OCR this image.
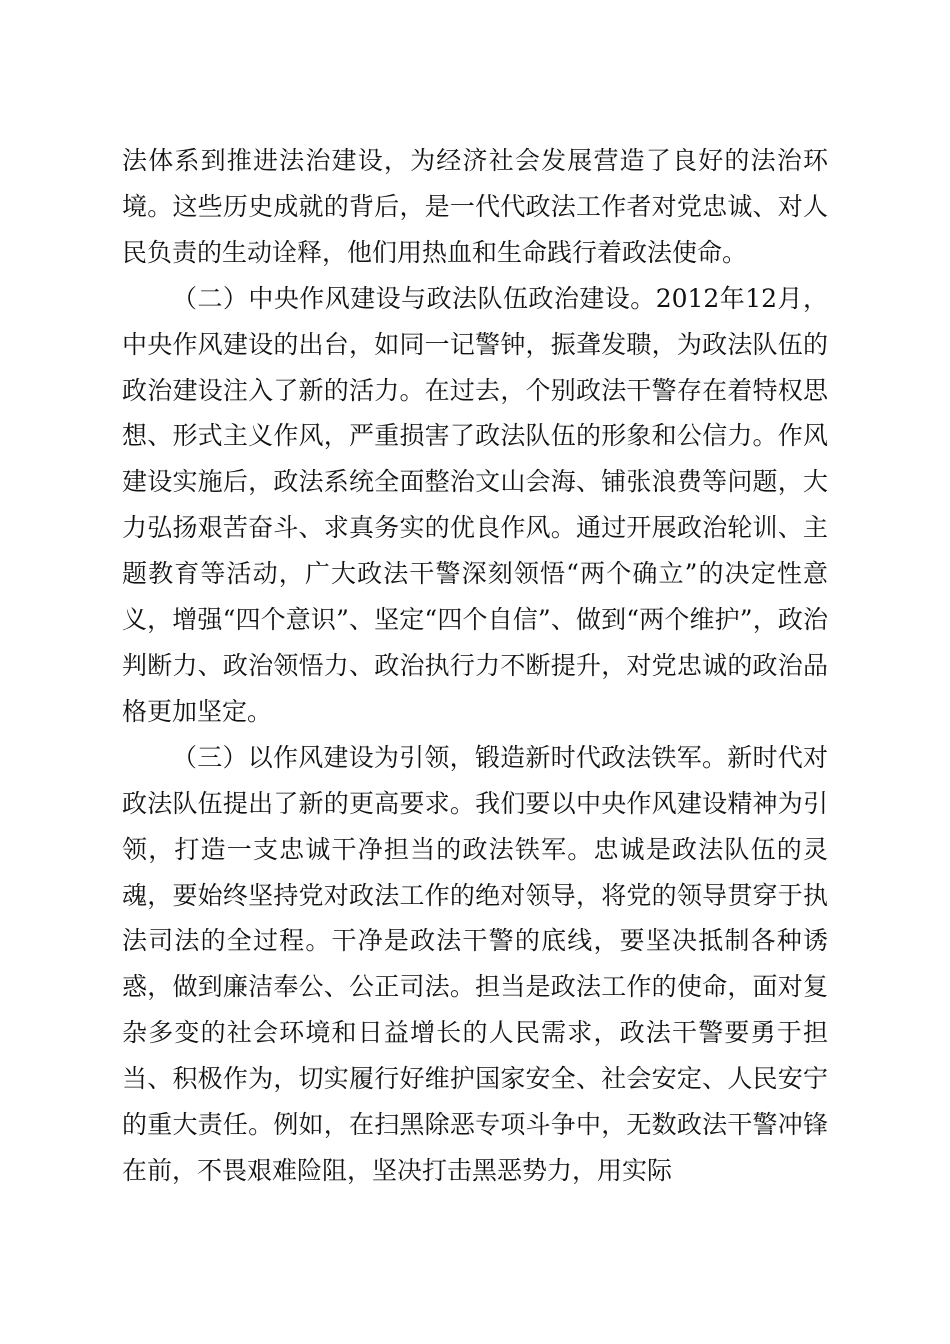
法体系到推进法治建设，为经济社会发展营造了良好的法治环境。这些历史成就的背后，是一代代政法工作者对党忠诚、对人民负责的生动诠释，他们用热血和生命践行着政法使命。

（二）中央作风建设与政法队伍政治建设。2012年12月，中央作风建设的出台，如同一记警钟，振聋发聩，为政法队伍的政治建设注入了新的活力。在过去，个别政法干警存在着特权思想、形式主义作风，严重损害了政法队伍的形象和公信力。作风建设实施后，政法系统全面整治文山会海、铺张浪费等问题，大力弘扬艰苦奋斗、求真务实的优良作风。通过开展政治轮训、主题教育等活动，广大政法干警深刻领悟“两个确立”的决定性意义，增强“四个意识”、坚定“四个自信”、做到“两个维护”，政治判断力、政治领悟力、政治执行力不断提升，对党忠诚的政治品格更加坚定。

（三）以作风建设为引领，锻造新时代政法铁军。新时代对政法队伍提出了新的更高要求。我们要以中央作风建设精神为引领，打造一支忠诚干净担当的政法铁军。忠诚是政法队伍的灵魂，要始终坚持党对政法工作的绝对领导，将党的领导贯穿于执法司法的全过程。干净是政法干警的底线，要坚决抵制各种诱惑，做到廉洁奉公、公正司法。担当是政法工作的使命，面对复杂多变的社会环境和日益增长的人民需求，政法干警要勇于担当、积极作为，切实履行好维护国家安全、社会安定、人民安宁的重大责任。例如，在扫黑除恶专项斗争中，无数政法干警冲锋在前，不畏艰难险阻，坚决打击黑恶势力，用实际
